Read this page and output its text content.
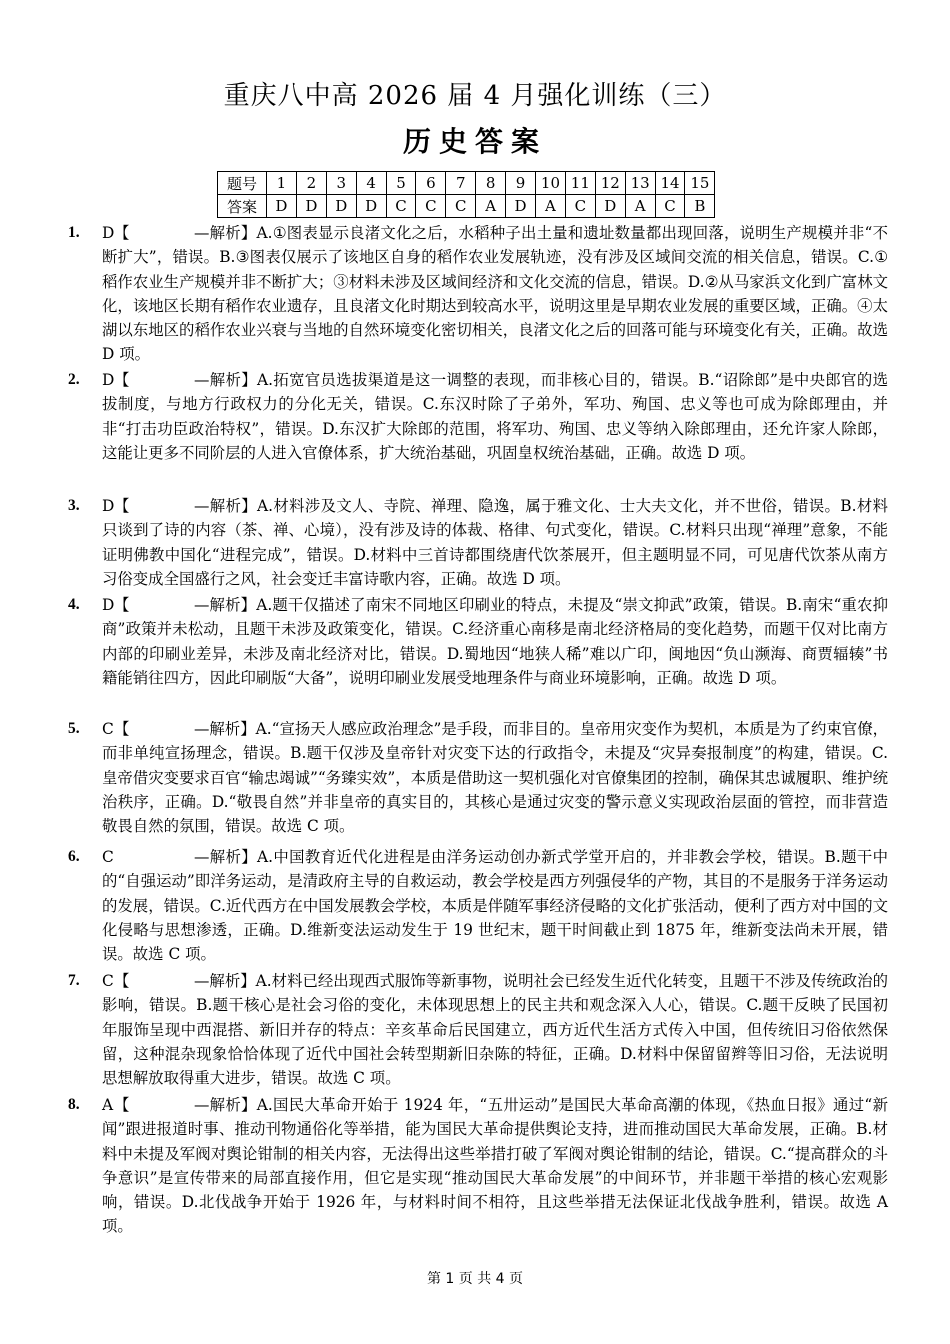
重庆八中高 2026 届 4 月强化训练（三）
历史答案
题号	1	2	3	4	5	6	7	8	9	10	11	12	13	14	15
答案	D	D	D	D	C	C	C	A	D	A	C	D	A	C	B
1. D【	—解析】A.①图表显示良渚文化之后，水稻种子出土量和遗址数量都出现回落，说明生产规模并非“不断扩大”，错误。B.③图表仅展示了该地区自身的稻作农业发展轨迹，没有涉及区域间交流的相关信息，错误。C.①稻作农业生产规模并非不断扩大；③材料未涉及区域间经济和文化交流的信息，错误。D.②从马家浜文化到广富林文化，该地区长期有稻作农业遗存，且良渚文化时期达到较高水平，说明这里是早期农业发展的重要区域，正确。④太湖以东地区的稻作农业兴衰与当地的自然环境变化密切相关，良渚文化之后的回落可能与环境变化有关，正确。故选 D 项。
2. D【	—解析】A.拓宽官员选拔渠道是这一调整的表现，而非核心目的，错误。B.“诏除郎”是中央郎官的选拔制度，与地方行政权力的分化无关，错误。C.东汉时除了子弟外，军功、殉国、忠义等也可成为除郎理由，并非“打击功臣政治特权”，错误。D.东汉扩大除郎的范围，将军功、殉国、忠义等纳入除郎理由，还允许家人除郎，这能让更多不同阶层的人进入官僚体系，扩大统治基础，巩固皇权统治基础，正确。故选 D 项。
3. D【	—解析】A.材料涉及文人、寺院、禅理、隐逸，属于雅文化、士大夫文化，并不世俗，错误。B.材料只谈到了诗的内容（茶、禅、心境），没有涉及诗的体裁、格律、句式变化，错误。C.材料只出现“禅理”意象，不能证明佛教中国化“进程完成”，错误。D.材料中三首诗都围绕唐代饮茶展开，但主题明显不同，可见唐代饮茶从南方习俗变成全国盛行之风，社会变迁丰富诗歌内容，正确。故选 D 项。
4. D【	—解析】A.题干仅描述了南宋不同地区印刷业的特点，未提及“崇文抑武”政策，错误。B.南宋“重农抑商”政策并未松动，且题干未涉及政策变化，错误。C.经济重心南移是南北经济格局的变化趋势，而题干仅对比南方内部的印刷业差异，未涉及南北经济对比，错误。D.蜀地因“地狭人稀”难以广印，闽地因“负山濒海、商贾辐辏”书籍能销往四方，因此印刷版“大备”，说明印刷业发展受地理条件与商业环境影响，正确。故选 D 项。
5. C【	—解析】A.“宣扬天人感应政治理念”是手段，而非目的。皇帝用灾变作为契机，本质是为了约束官僚，而非单纯宣扬理念，错误。B.题干仅涉及皇帝针对灾变下达的行政指令，未提及“灾异奏报制度”的构建，错误。C.皇帝借灾变要求百官“输忠竭诚”“务臻实效”，本质是借助这一契机强化对官僚集团的控制，确保其忠诚履职、维护统治秩序，正确。D.“敬畏自然”并非皇帝的真实目的，其核心是通过灾变的警示意义实现政治层面的管控，而非营造敬畏自然的氛围，错误。故选 C 项。
6. C	—解析】A.中国教育近代化进程是由洋务运动创办新式学堂开启的，并非教会学校，错误。B.题干中的“自强运动”即洋务运动，是清政府主导的自救运动，教会学校是西方列强侵华的产物，其目的不是服务于洋务运动的发展，错误。C.近代西方在中国发展教会学校，本质是伴随军事经济侵略的文化扩张活动，便利了西方对中国的文化侵略与思想渗透，正确。D.维新变法运动发生于 19 世纪末，题干时间截止到 1875 年，维新变法尚未开展，错误。故选 C 项。
7. C【	—解析】A.材料已经出现西式服饰等新事物，说明社会已经发生近代化转变，且题干不涉及传统政治的影响，错误。B.题干核心是社会习俗的变化，未体现思想上的民主共和观念深入人心，错误。C.题干反映了民国初年服饰呈现中西混搭、新旧并存的特点：辛亥革命后民国建立，西方近代生活方式传入中国，但传统旧习俗依然保留，这种混杂现象恰恰体现了近代中国社会转型期新旧杂陈的特征，正确。D.材料中保留留辫等旧习俗，无法说明思想解放取得重大进步，错误。故选 C 项。
8. A【	—解析】A.国民大革命开始于 1924 年，“五卅运动”是国民大革命高潮的体现，《热血日报》通过“新闻”跟进报道时事、推动刊物通俗化等举措，能为国民大革命提供舆论支持，进而推动国民大革命发展，正确。B.材料中未提及军阀对舆论钳制的相关内容，无法得出这些举措打破了军阀对舆论钳制的结论，错误。C.“提高群众的斗争意识”是宣传带来的局部直接作用，但它是实现“推动国民大革命发展”的中间环节，并非题干举措的核心宏观影响，错误。D.北伐战争开始于 1926 年，与材料时间不相符，且这些举措无法保证北伐战争胜利，错误。故选 A 项。
第 1 页 共 4 页
